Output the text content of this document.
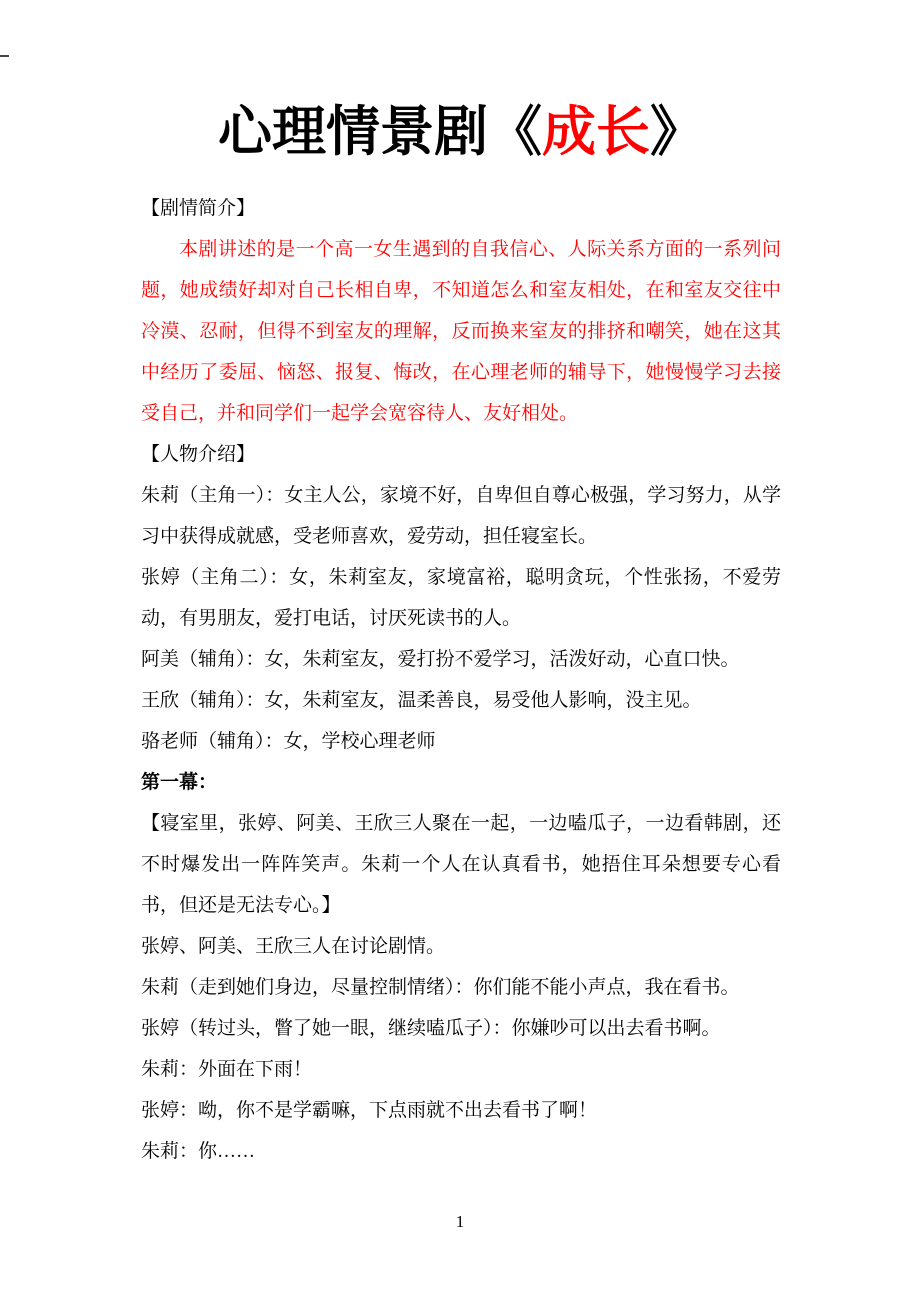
心理情景剧《成长》

【剧情简介】

本剧讲述的是一个高一女生遇到的自我信心、人际关系方面的一系列问题，她成绩好却对自己长相自卑，不知道怎么和室友相处，在和室友交往中冷漠、忍耐，但得不到室友的理解，反而换来室友的排挤和嘲笑，她在这其中经历了委屈、恼怒、报复、悔改，在心理老师的辅导下，她慢慢学习去接受自己，并和同学们一起学会宽容待人、友好相处。

【人物介绍】

朱莉（主角一）：女主人公，家境不好，自卑但自尊心极强，学习努力，从学习中获得成就感，受老师喜欢，爱劳动，担任寝室长。

张婷（主角二）：女，朱莉室友，家境富裕，聪明贪玩，个性张扬，不爱劳动，有男朋友，爱打电话，讨厌死读书的人。

阿美（辅角）：女，朱莉室友，爱打扮不爱学习，活泼好动，心直口快。

王欣（辅角）：女，朱莉室友，温柔善良，易受他人影响，没主见。

骆老师（辅角）：女，学校心理老师

第一幕：

【寝室里，张婷、阿美、王欣三人聚在一起，一边嗑瓜子，一边看韩剧，还不时爆发出一阵阵笑声。朱莉一个人在认真看书，她捂住耳朵想要专心看书，但还是无法专心。】

张婷、阿美、王欣三人在讨论剧情。

朱莉（走到她们身边，尽量控制情绪）：你们能不能小声点，我在看书。

张婷（转过头，瞥了她一眼，继续嗑瓜子）：你嫌吵可以出去看书啊。

朱莉：外面在下雨！

张婷：呦，你不是学霸嘛，下点雨就不出去看书了啊！

朱莉：你……

1
